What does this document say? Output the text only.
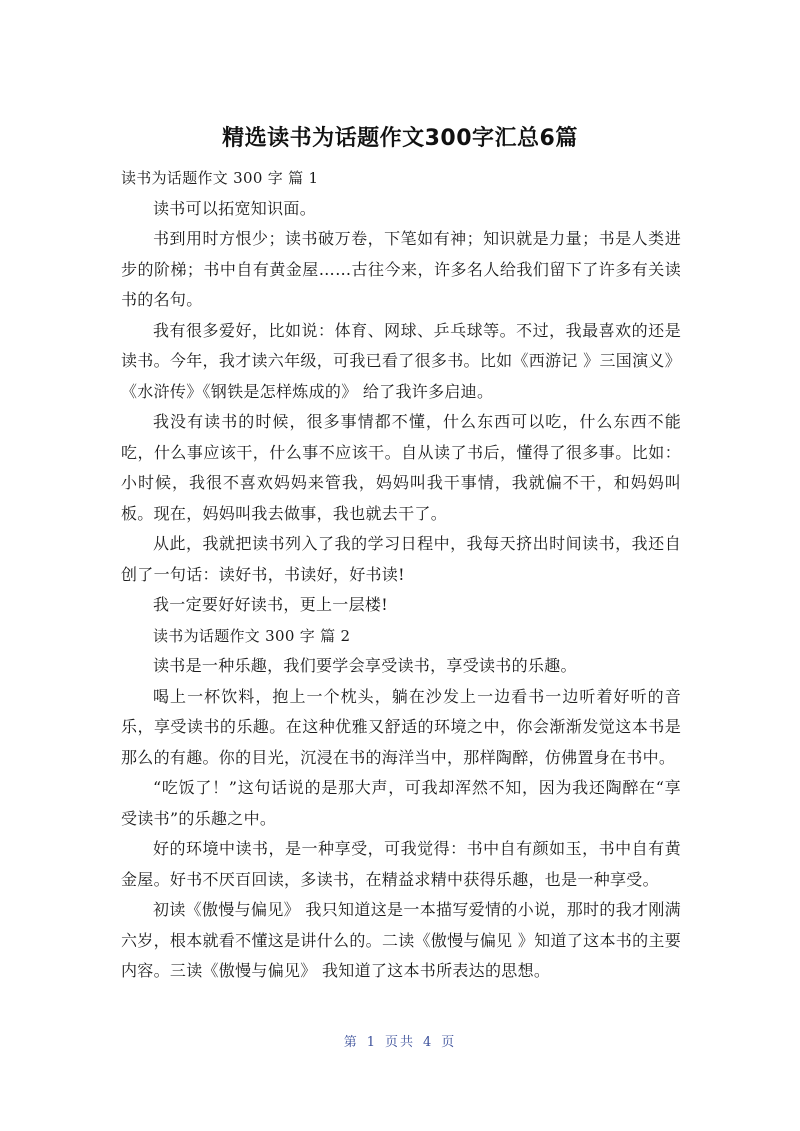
精选读书为话题作文300字汇总6篇

读书为话题作文 300 字 篇 1

读书可以拓宽知识面。

书到用时方恨少；读书破万卷，下笔如有神；知识就是力量；书是人类进步的阶梯；书中自有黄金屋……古往今来，许多名人给我们留下了许多有关读书的名句。

我有很多爱好，比如说：体育、网球、乒乓球等。不过，我最喜欢的还是读书。今年，我才读六年级，可我已看了很多书。比如《西游记 》三国演义》《水浒传》《钢铁是怎样炼成的》 给了我许多启迪。

我没有读书的时候，很多事情都不懂，什么东西可以吃，什么东西不能吃，什么事应该干，什么事不应该干。自从读了书后，懂得了很多事。比如：小时候，我很不喜欢妈妈来管我，妈妈叫我干事情，我就偏不干，和妈妈叫板。现在，妈妈叫我去做事，我也就去干了。

从此，我就把读书列入了我的学习日程中，我每天挤出时间读书，我还自创了一句话：读好书，书读好，好书读!

我一定要好好读书，更上一层楼!

读书为话题作文 300 字 篇 2

读书是一种乐趣，我们要学会享受读书，享受读书的乐趣。

喝上一杯饮料，抱上一个枕头，躺在沙发上一边看书一边听着好听的音乐，享受读书的乐趣。在这种优雅又舒适的环境之中，你会渐渐发觉这本书是那么的有趣。你的目光，沉浸在书的海洋当中，那样陶醉，仿佛置身在书中。

“吃饭了！”这句话说的是那大声，可我却浑然不知，因为我还陶醉在“享受读书”的乐趣之中。

好的环境中读书，是一种享受，可我觉得：书中自有颜如玉，书中自有黄金屋。好书不厌百回读，多读书，在精益求精中获得乐趣，也是一种享受。

初读《傲慢与偏见》 我只知道这是一本描写爱情的小说，那时的我才刚满六岁，根本就看不懂这是讲什么的。二读《傲慢与偏见 》知道了这本书的主要内容。三读《傲慢与偏见》 我知道了这本书所表达的思想。

第 1 页共 4 页
